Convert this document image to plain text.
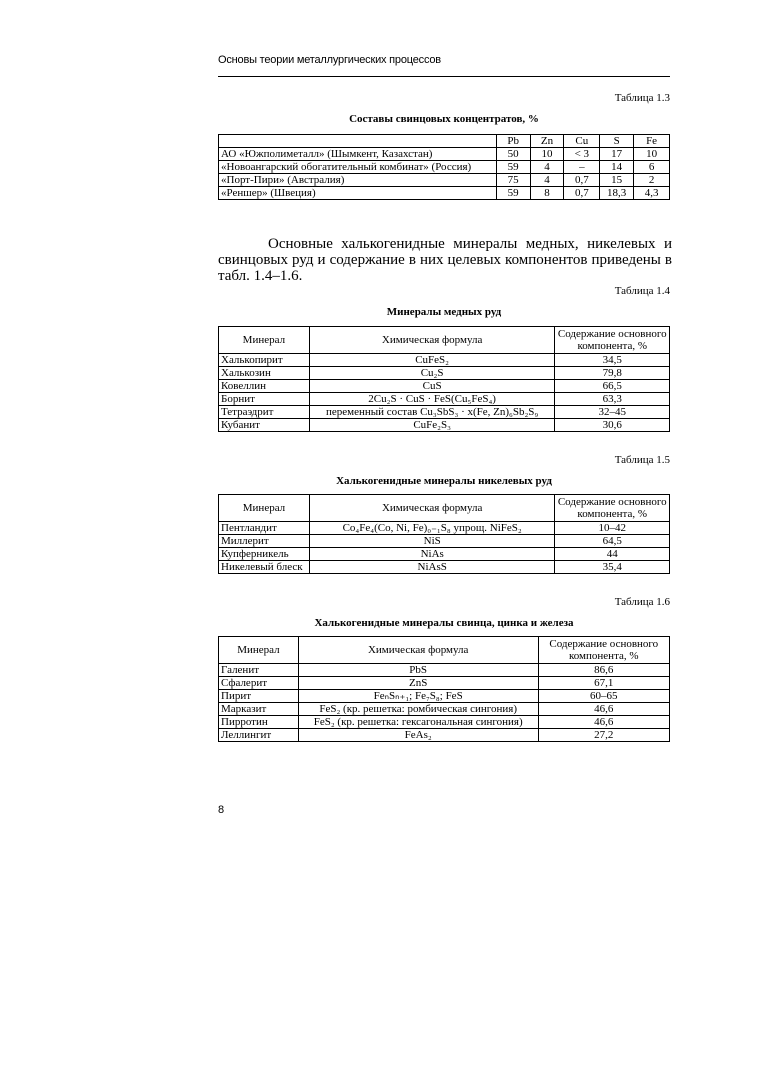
Основы теории металлургических процессов
Таблица 1.3
Составы свинцовых концентратов, %
	Pb	Zn	Cu	S	Fe
АО «Южполиметалл» (Шымкент, Казахстан)	50	10	< 3	17	10
«Новоангарский обогатительный комбинат» (Россия)	59	4	–	14	6
«Порт-Пири» (Австралия)	75	4	0,7	15	2
«Реншер» (Швеция)	59	8	0,7	18,3	4,3
Основные халькогенидные минералы медных, никелевых и свинцовых руд и содержание в них целевых компонентов приведены в табл. 1.4–1.6.
Таблица 1.4
Минералы медных руд
Минерал	Химическая формула	Содержание основного компонента, %
Халькопирит	CuFeS₂	34,5
Халькозин	Cu₂S	79,8
Ковеллин	CuS	66,5
Борнит	2Cu₂S · CuS · FeS(Cu₅FeS₄)	63,3
Тетраэдрит	переменный состав Cu₃SbS₃ · x(Fe, Zn)₆Sb₂S₉	32–45
Кубанит	CuFe₂S₃	30,6
Таблица 1.5
Халькогенидные минералы никелевых руд
Минерал	Химическая формула	Содержание основного компонента, %
Пентландит	Co₄Fe₄(Co, Ni, Fe)₀₋₁S₈ упрощ. NiFeS₂	10–42
Миллерит	NiS	64,5
Купферникель	NiAs	44
Никелевый блеск	NiAsS	35,4
Таблица 1.6
Халькогенидные минералы свинца, цинка и железа
Минерал	Химическая формула	Содержание основного компонента, %
Галенит	PbS	86,6
Сфалерит	ZnS	67,1
Пирит	FeₙSₙ₊₁; Fe₇S₈; FeS	60–65
Марказит	FeS₂ (кр. решетка: ромбическая сингония)	46,6
Пирротин	FeS₂ (кр. решетка: гексагональная сингония)	46,6
Леллингит	FeAs₂	27,2
8
